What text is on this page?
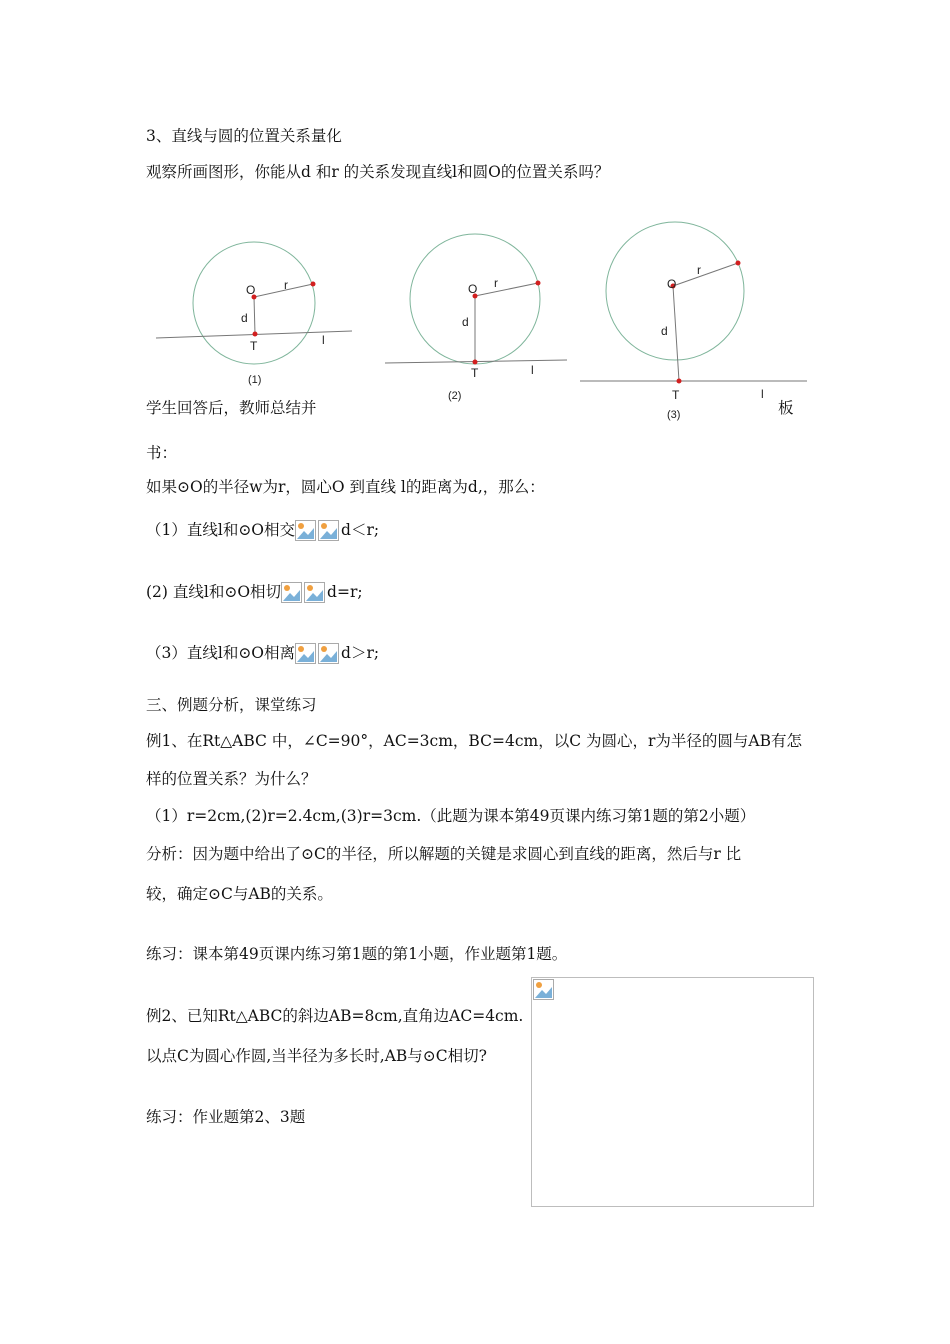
3、直线与圆的位置关系量化
观察所画图形，你能从d 和r 的关系发现直线l和圆O的位置关系吗？
O r
d
T	l
(1)
O r
d
T	l
(2)
O
r
d
T	l
(3)
学生回答后，教师总结并	板
书：
如果⊙O的半径w为r，圆心O 到直线 l的距离为d,，那么：
（1）直线l和⊙O相交	d＜r;
(2) 直线l和⊙O相切	d=r;
（3）直线l和⊙O相离	d＞r;
三、例题分析，课堂练习
例1、在Rt△ABC 中，∠C=90°，AC=3cm，BC=4cm，以C 为圆心，r为半径的圆与AB有怎
样的位置关系？为什么？
（1）r=2cm,(2)r=2.4cm,(3)r=3cm.（此题为课本第49页课内练习第1题的第2小题）
分析：因为题中给出了⊙C的半径，所以解题的关键是求圆心到直线的距离，然后与r 比
较，确定⊙C与AB的关系。
练习：课本第49页课内练习第1题的第1小题，作业题第1题。
例2、已知Rt△ABC的斜边AB=8cm,直角边AC=4cm.
以点C为圆心作圆,当半径为多长时,AB与⊙C相切?
练习：作业题第2、3题
